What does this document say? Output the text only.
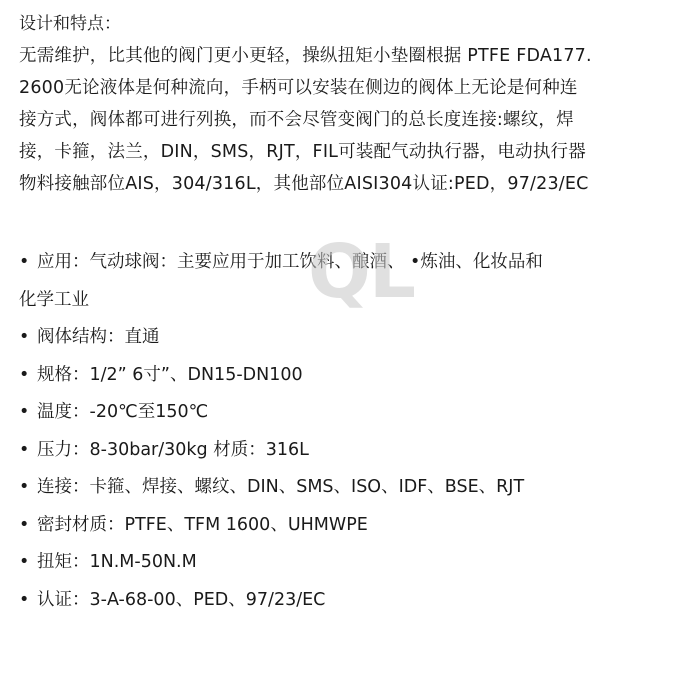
设计和特点：

无需维护，比其他的阀门更小更轻，操纵扭矩小垫圈根据 PTFE FDA177.

2600无论液体是何种流向，手柄可以安装在侧边的阀体上无论是何种连

接方式，阀体都可进行列换，而不会尽管变阀门的总长度连接:螺纹，焊

接，卡箍，法兰，DIN，SMS，RJT，FIL可装配气动执行器，电动执行器

物料接触部位AIS，304/316L，其他部位AISI304认证:PED，97/23/EC

• 应用：气动球阀：主要应用于加工饮料、酿酒、 •炼油、化妆品和
化学工业
• 阀体结构：直通
• 规格：1/2” 6寸”、DN15-DN100
• 温度：-20℃至150℃
• 压力：8-30bar/30kg 材质：316L
• 连接：卡箍、焊接、螺纹、DIN、SMS、ISO、IDF、BSE、RJT
• 密封材质：PTFE、TFM 1600、UHMWPE
• 扭矩：1N.M-50N.M
• 认证：3-A-68-00、PED、97/23/EC
QL
